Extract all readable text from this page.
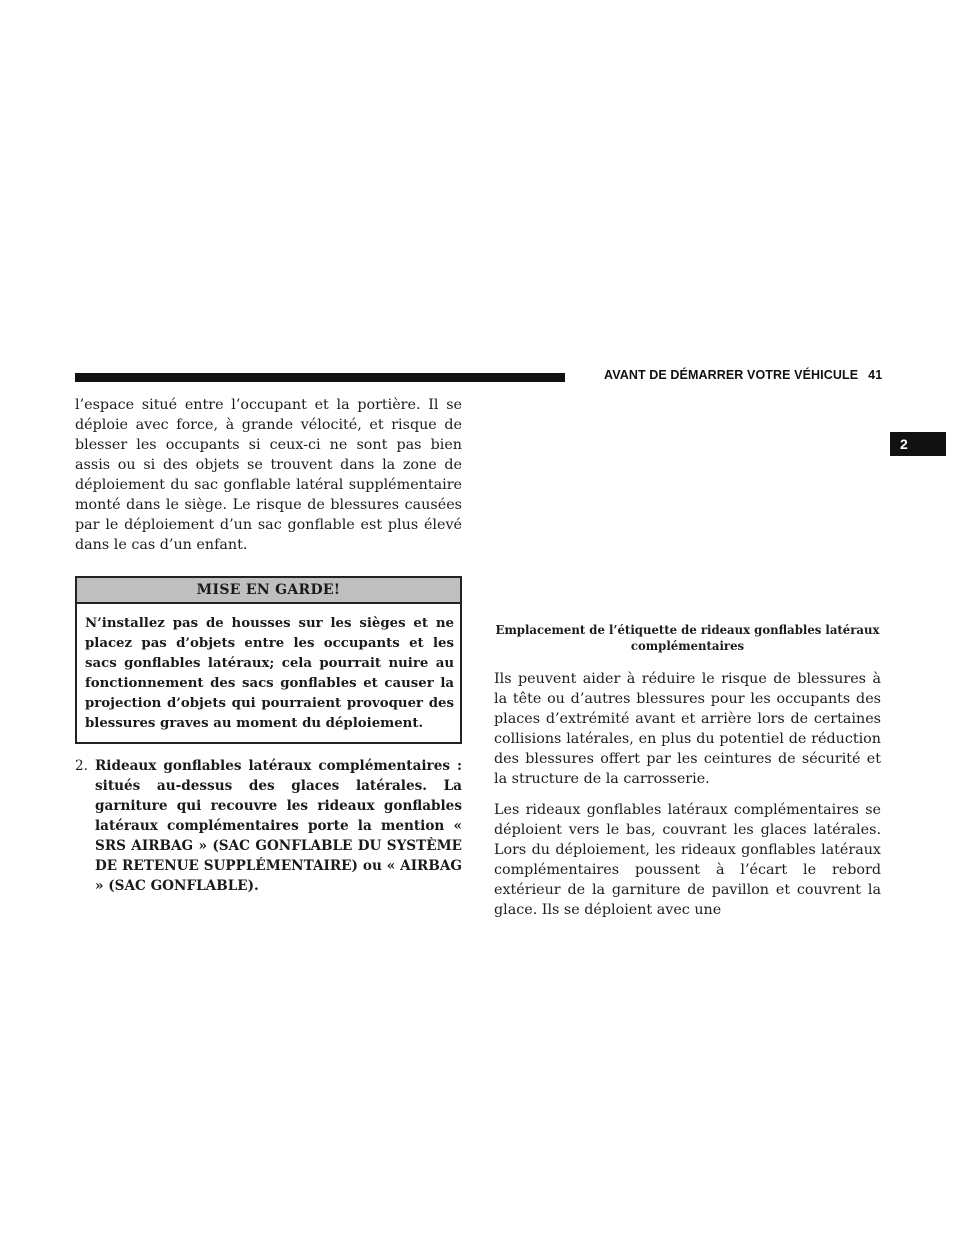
AVANT DE DÉMARRER VOTRE VÉHICULE 41
2

l’espace situé entre l’occupant et la portière. Il se déploie avec force, à grande vélocité, et risque de blesser les occupants si ceux-ci ne sont pas bien assis ou si des objets se trouvent dans la zone de déploiement du sac gonflable latéral supplémentaire monté dans le siège. Le risque de blessures causées par le déploiement d’un sac gonflable est plus élevé dans le cas d’un enfant.

MISE EN GARDE!
N’installez pas de housses sur les sièges et ne placez pas d’objets entre les occupants et les sacs gonflables latéraux; cela pourrait nuire au fonctionnement des sacs gonflables et causer la projection d’objets qui pourraient provoquer des blessures graves au moment du déploiement.
2. Rideaux gonflables latéraux complémentaires : situés au-dessus des glaces latérales. La garniture qui recouvre les rideaux gonflables latéraux complémentaires porte la mention « SRS AIRBAG » (SAC GONFLABLE DU SYSTÈME DE RETENUE SUPPLÉMENTAIRE) ou « AIRBAG » (SAC GONFLABLE).

Emplacement de l’étiquette de rideaux gonflables latéraux complémentaires

Ils peuvent aider à réduire le risque de blessures à la tête ou d’autres blessures pour les occupants des places d’extrémité avant et arrière lors de certaines collisions latérales, en plus du potentiel de réduction des blessures offert par les ceintures de sécurité et la structure de la carrosserie.

Les rideaux gonflables latéraux complémentaires se déploient vers le bas, couvrant les glaces latérales. Lors du déploiement, les rideaux gonflables latéraux complémentaires poussent à l’écart le rebord extérieur de la garniture de pavillon et couvrent la glace. Ils se déploient avec une
